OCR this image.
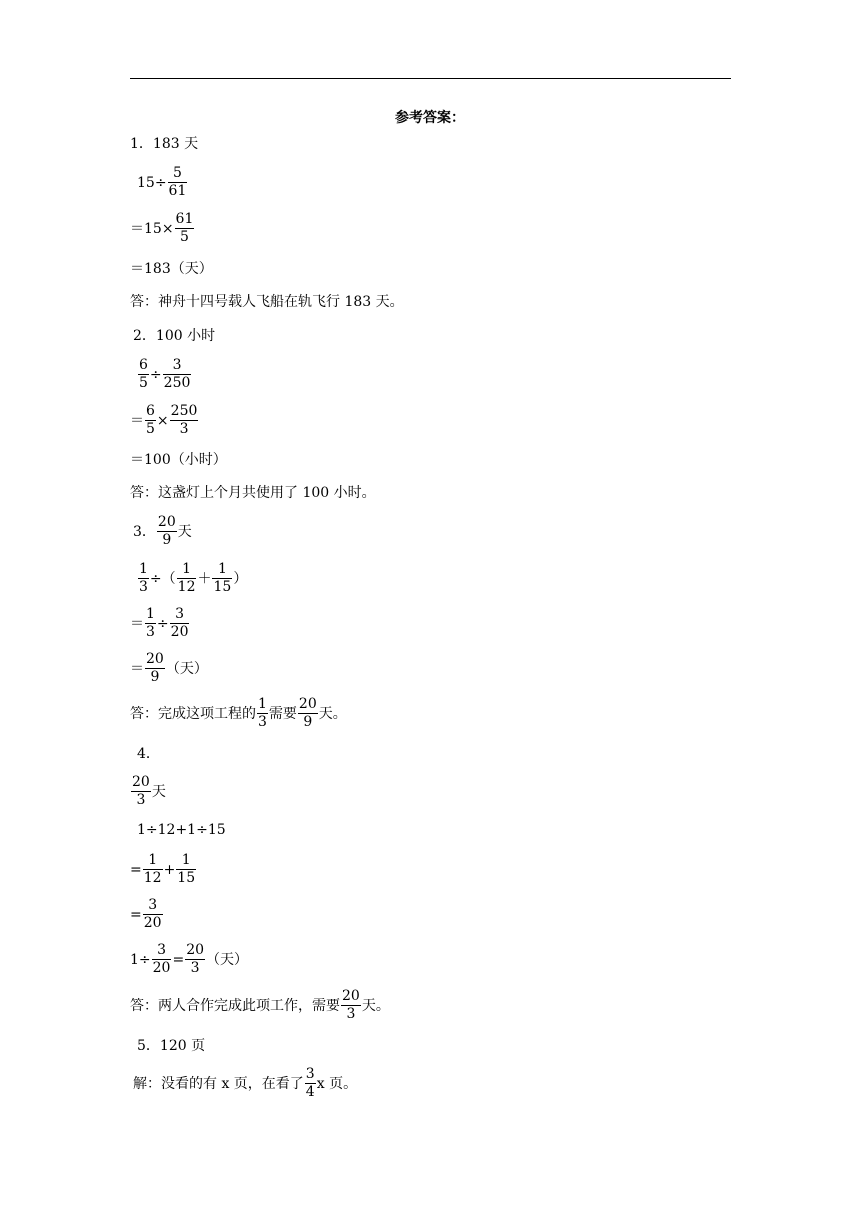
参考答案：
1．183 天
$15\div \frac{5}{61}$
$=15\times \frac{61}{5}$
＝183（天）
答：神舟十四号载人飞船在轨飞行 183 天。
2．100 小时
$\frac{6}{5} \div \frac{3}{250}$
＝ $\frac{6}{5} \times \frac{250}{3}$
＝100（小时）
答：这盏灯上个月共使用了 100 小时。
3． $\frac{20}{9}$ 天
$\frac{1}{3}$ ÷（ $\frac{1}{12} + \frac{1}{15}$ ）
＝ $\frac{1}{3} \div \frac{3}{20}$
＝ $\frac{20}{9}$ （天）
答：完成这项工程的 $\frac{1}{3}$ 需要 $\frac{20}{9}$ 天。
4．
$\frac{20}{3}$ 天
1÷12+1÷15
= $\frac{1}{12} + \frac{1}{15}$
= $\frac{3}{20}$
$1\div \frac{3}{20} = \frac{20}{3}$ （天）
答：两人合作完成此项工作，需要 $\frac{20}{3}$ 天。
5．120 页
解：没看的有 x 页，在看了 $\frac{3}{4}$ x 页。
